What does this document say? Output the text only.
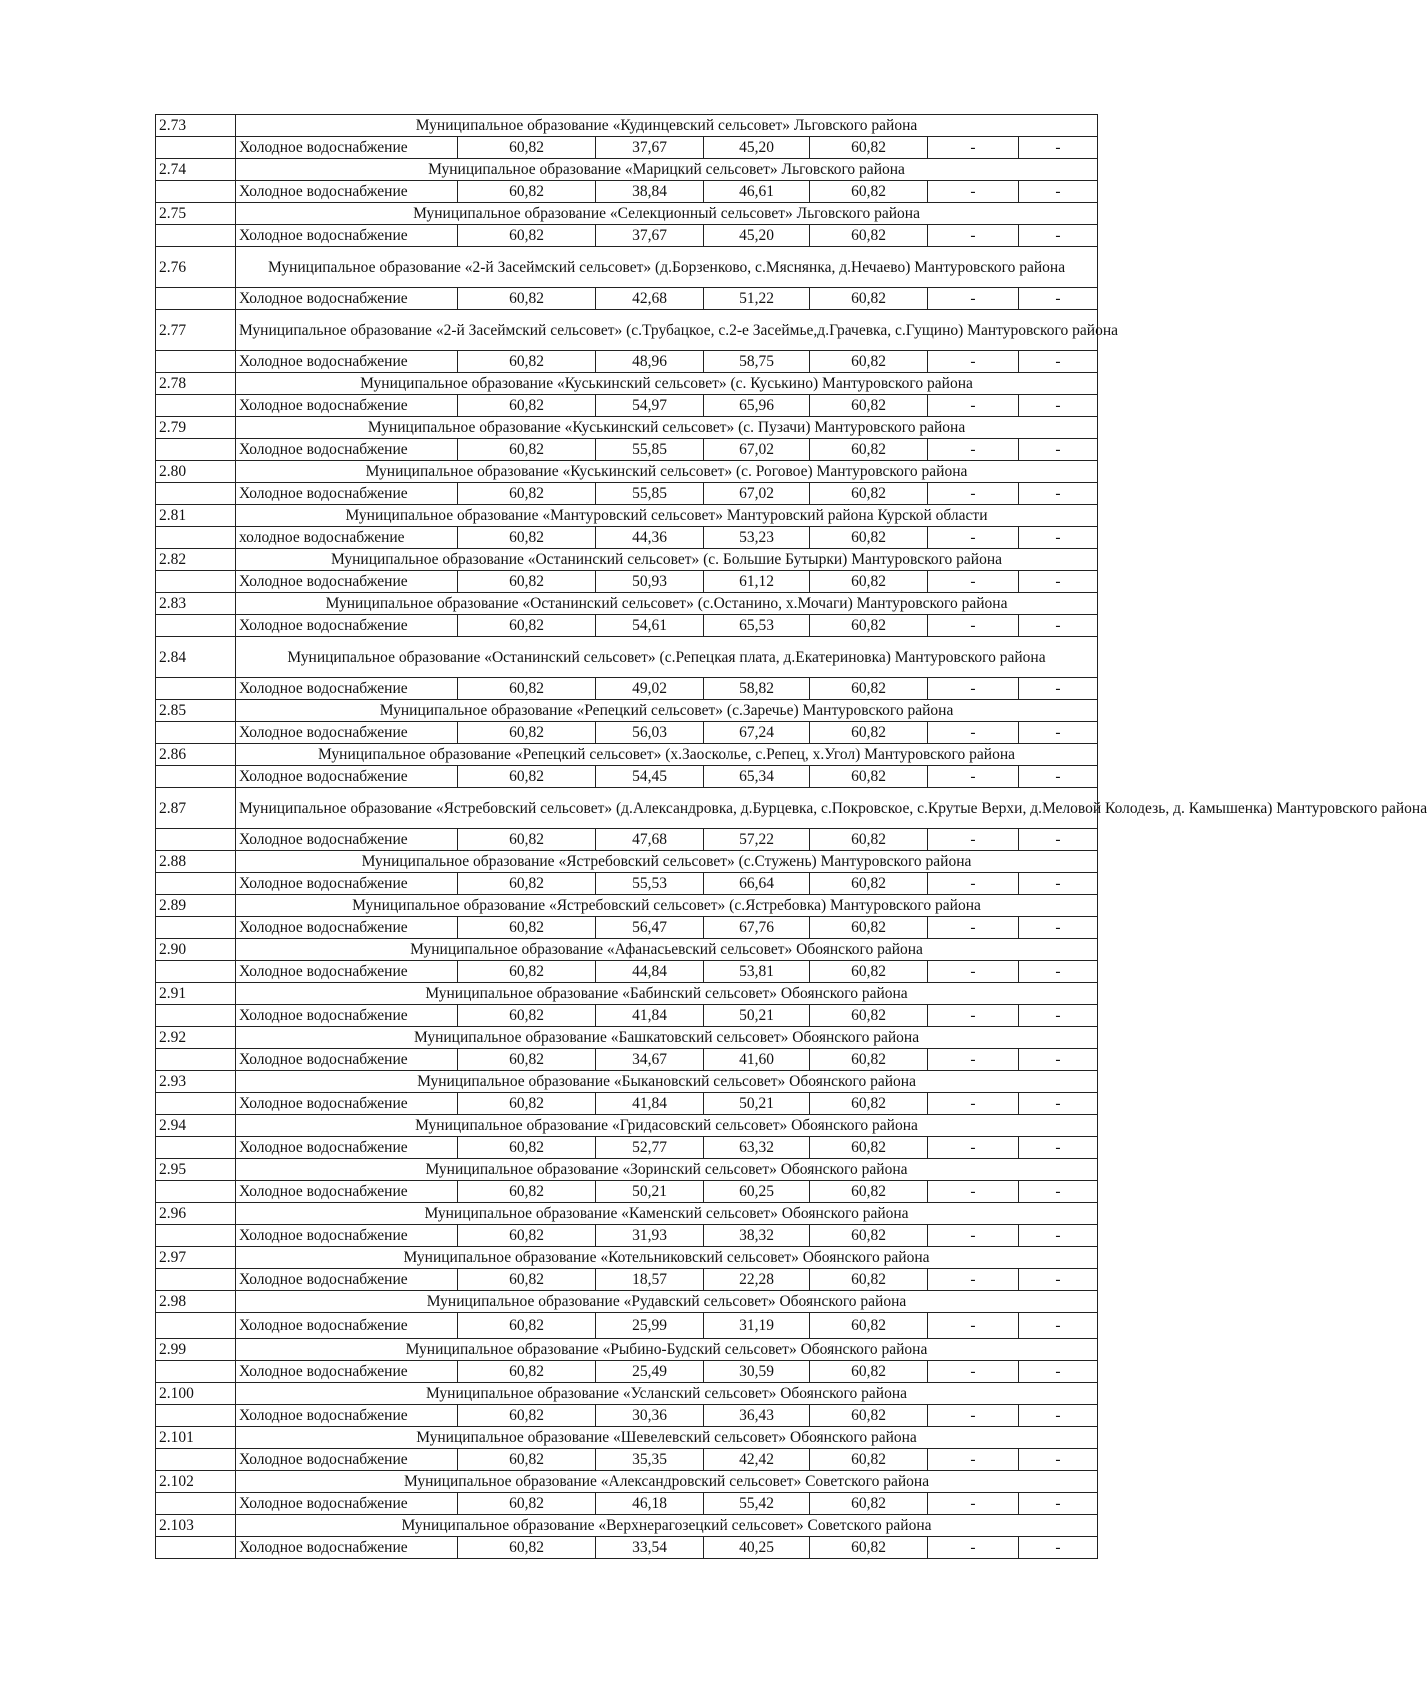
2.73	Муниципальное образование «Кудинцевский сельсовет» Льговского района						
	Холодное водоснабжение	60,82	37,67	45,20	60,82	-	-
2.74	Муниципальное образование «Марицкий сельсовет» Льговского района						
	Холодное водоснабжение	60,82	38,84	46,61	60,82	-	-
2.75	Муниципальное образование «Селекционный сельсовет» Льговского района						
	Холодное водоснабжение	60,82	37,67	45,20	60,82	-	-
2.76	Муниципальное образование «2-й Засеймский сельсовет» (д.Борзенково, с.Мяснянка, д.Нечаево) Мантуровского района						
	Холодное водоснабжение	60,82	42,68	51,22	60,82	-	-
2.77	Муниципальное образование «2-й Засеймский сельсовет» (с.Трубацкое, с.2-е Засеймье,д.Грачевка, с.Гущино) Мантуровского района						
	Холодное водоснабжение	60,82	48,96	58,75	60,82	-	-
2.78	Муниципальное образование «Куськинский сельсовет» (с. Куськино) Мантуровского района						
	Холодное водоснабжение	60,82	54,97	65,96	60,82	-	-
2.79	Муниципальное образование «Куськинский сельсовет» (с. Пузачи) Мантуровского района						
	Холодное водоснабжение	60,82	55,85	67,02	60,82	-	-
2.80	Муниципальное образование «Куськинский сельсовет» (с. Роговое) Мантуровского района						
	Холодное водоснабжение	60,82	55,85	67,02	60,82	-	-
2.81	Муниципальное образование «Мантуровский сельсовет» Мантуровский района Курской области						
	холодное водоснабжение	60,82	44,36	53,23	60,82	-	-
2.82	Муниципальное образование «Останинский сельсовет» (с. Большие Бутырки) Мантуровского района						
	Холодное водоснабжение	60,82	50,93	61,12	60,82	-	-
2.83	Муниципальное образование «Останинский сельсовет» (с.Останино, х.Мочаги) Мантуровского района						
	Холодное водоснабжение	60,82	54,61	65,53	60,82	-	-
2.84	Муниципальное образование «Останинский сельсовет» (с.Репецкая плата, д.Екатериновка) Мантуровского района						
	Холодное водоснабжение	60,82	49,02	58,82	60,82	-	-
2.85	Муниципальное образование «Репецкий сельсовет» (с.Заречье) Мантуровского района						
	Холодное водоснабжение	60,82	56,03	67,24	60,82	-	-
2.86	Муниципальное образование «Репецкий сельсовет» (х.Заосколье, с.Репец, х.Угол) Мантуровского района						
	Холодное водоснабжение	60,82	54,45	65,34	60,82	-	-
2.87	Муниципальное образование «Ястребовский сельсовет» (д.Александровка, д.Бурцевка, с.Покровское, с.Крутые Верхи, д.Меловой Колодезь, д. Камышенка) Мантуровского района						
	Холодное водоснабжение	60,82	47,68	57,22	60,82	-	-
2.88	Муниципальное образование «Ястребовский сельсовет» (с.Стужень) Мантуровского района						
	Холодное водоснабжение	60,82	55,53	66,64	60,82	-	-
2.89	Муниципальное образование «Ястребовский сельсовет» (с.Ястребовка) Мантуровского района						
	Холодное водоснабжение	60,82	56,47	67,76	60,82	-	-
2.90	Муниципальное образование «Афанасьевский сельсовет» Обоянского района						
	Холодное водоснабжение	60,82	44,84	53,81	60,82	-	-
2.91	Муниципальное образование «Бабинский сельсовет» Обоянского района						
	Холодное водоснабжение	60,82	41,84	50,21	60,82	-	-
2.92	Муниципальное образование «Башкатовский сельсовет» Обоянского района						
	Холодное водоснабжение	60,82	34,67	41,60	60,82	-	-
2.93	Муниципальное образование «Быкановский сельсовет» Обоянского района						
	Холодное водоснабжение	60,82	41,84	50,21	60,82	-	-
2.94	Муниципальное образование «Гридасовский сельсовет» Обоянского района						
	Холодное водоснабжение	60,82	52,77	63,32	60,82	-	-
2.95	Муниципальное образование «Зоринский сельсовет» Обоянского района						
	Холодное водоснабжение	60,82	50,21	60,25	60,82	-	-
2.96	Муниципальное образование «Каменский сельсовет» Обоянского района						
	Холодное водоснабжение	60,82	31,93	38,32	60,82	-	-
2.97	Муниципальное образование «Котельниковский сельсовет» Обоянского района						
	Холодное водоснабжение	60,82	18,57	22,28	60,82	-	-
2.98	Муниципальное образование «Рудавский сельсовет» Обоянского района						
	Холодное водоснабжение	60,82	25,99	31,19	60,82	-	-
2.99	Муниципальное образование «Рыбино-Будский сельсовет» Обоянского района						
	Холодное водоснабжение	60,82	25,49	30,59	60,82	-	-
2.100	Муниципальное образование «Усланский сельсовет» Обоянского района						
	Холодное водоснабжение	60,82	30,36	36,43	60,82	-	-
2.101	Муниципальное образование «Шевелевский сельсовет» Обоянского района						
	Холодное водоснабжение	60,82	35,35	42,42	60,82	-	-
2.102	Муниципальное образование «Александровский сельсовет» Советского района						
	Холодное водоснабжение	60,82	46,18	55,42	60,82	-	-
2.103	Муниципальное образование «Верхнерагозецкий сельсовет» Советского района						
	Холодное водоснабжение	60,82	33,54	40,25	60,82	-	-
